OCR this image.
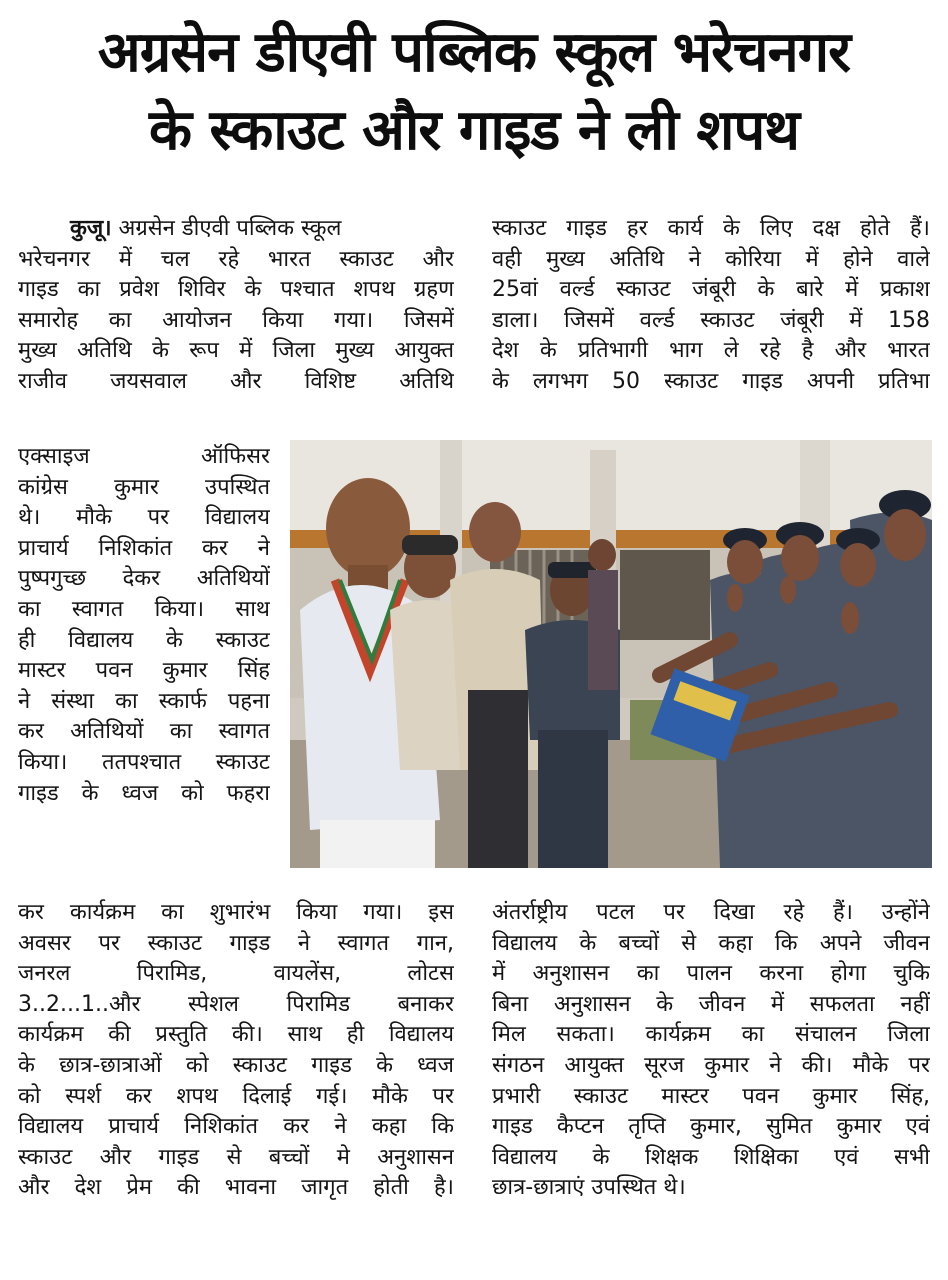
अग्रसेन डीएवी पब्लिक स्कूल भरेचनगर
के स्काउट और गाइड ने ली शपथ
कुजू। अग्रसेन डीएवी पब्लिक स्कूल
भरेचनगर में चल रहे भारत स्काउट और
गाइड का प्रवेश शिविर के पश्चात शपथ ग्रहण
समारोह का आयोजन किया गया। जिसमें
मुख्य अतिथि के रूप में जिला मुख्य आयुक्त
राजीव जयसवाल और विशिष्ट अतिथि
एक्साइज ऑफिसर
कांग्रेस कुमार उपस्थित
थे। मौके पर विद्यालय
प्राचार्य निशिकांत कर ने
पुष्पगुच्छ देकर अतिथियों
का स्वागत किया। साथ
ही विद्यालय के स्काउट
मास्टर पवन कुमार सिंह
ने संस्था का स्कार्फ पहना
कर अतिथियों का स्वागत
किया। ततपश्चात स्काउट
गाइड के ध्वज को फहरा
कर कार्यक्रम का शुभारंभ किया गया। इस
अवसर पर स्काउट गाइड ने स्वागत गान,
जनरल पिरामिड, वायलेंस, लोटस
3..2...1..और स्पेशल पिरामिड बनाकर
कार्यक्रम की प्रस्तुति की। साथ ही विद्यालय
के छात्र-छात्राओं को स्काउट गाइड के ध्वज
को स्पर्श कर शपथ दिलाई गई। मौके पर
विद्यालय प्राचार्य निशिकांत कर ने कहा कि
स्काउट और गाइड से बच्चों मे अनुशासन
और देश प्रेम की भावना जागृत होती है।
स्काउट गाइड हर कार्य के लिए दक्ष होते हैं।
वही मुख्य अतिथि ने कोरिया में होने वाले
25वां वर्ल्ड स्काउट जंबूरी के बारे में प्रकाश
डाला। जिसमें वर्ल्ड स्काउट जंबूरी में 158
देश के प्रतिभागी भाग ले रहे है और भारत
के लगभग 50 स्काउट गाइड अपनी प्रतिभा
अंतर्राष्ट्रीय पटल पर दिखा रहे हैं। उन्होंने
विद्यालय के बच्चों से कहा कि अपने जीवन
में अनुशासन का पालन करना होगा चुकि
बिना अनुशासन के जीवन में सफलता नहीं
मिल सकता। कार्यक्रम का संचालन जिला
संगठन आयुक्त सूरज कुमार ने की। मौके पर
प्रभारी स्काउट मास्टर पवन कुमार सिंह,
गाइड कैप्टन तृप्ति कुमार, सुमित कुमार एवं
विद्यालय के शिक्षक शिक्षिका एवं सभी
छात्र-छात्राएं उपस्थित थे।
